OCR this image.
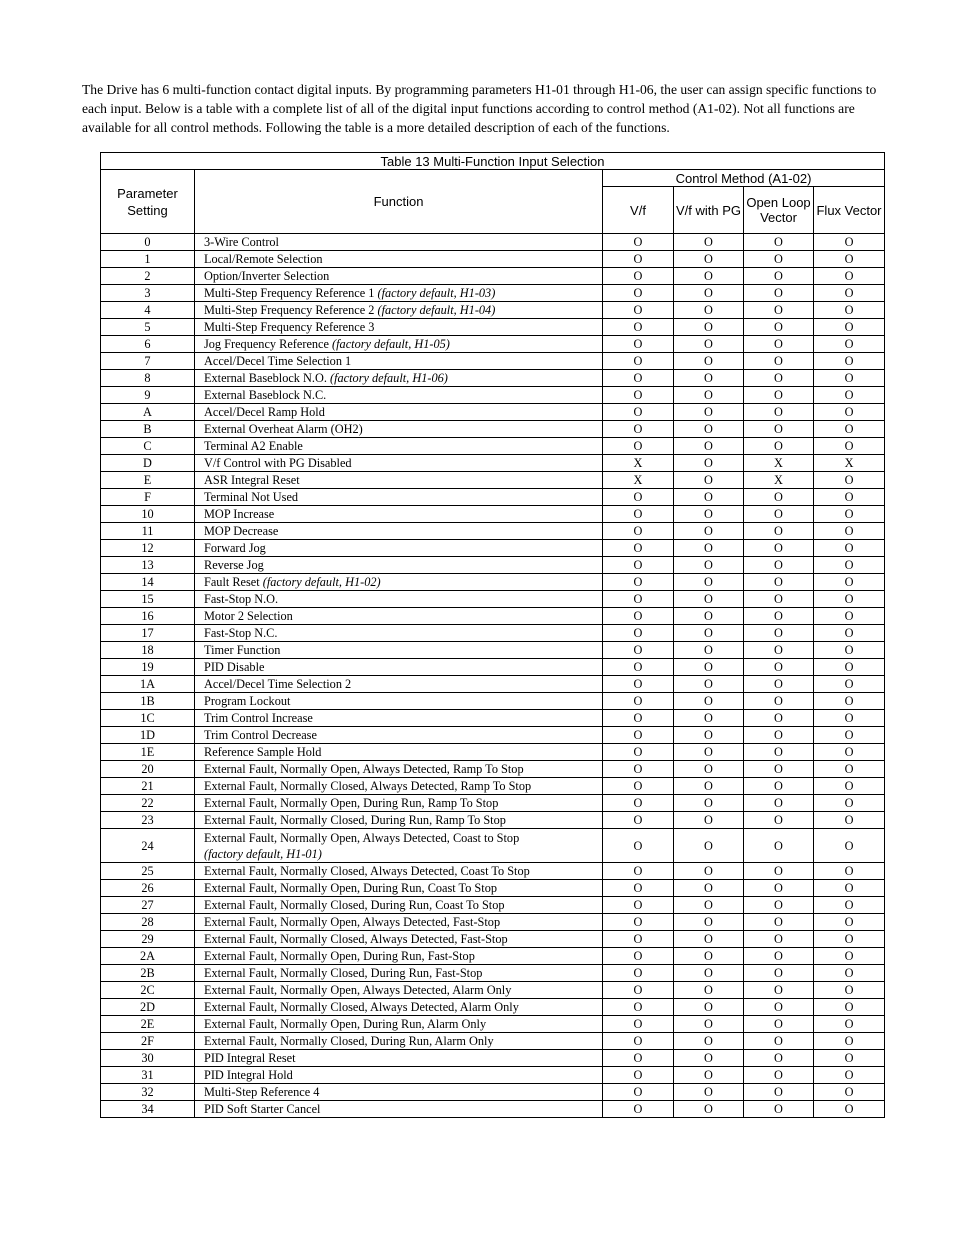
The Drive has 6 multi-function contact digital inputs. By programming parameters H1-01 through H1-06, the user can assign specific functions to each input. Below is a table with a complete list of all of the digital input functions according to control method (A1-02). Not all functions are available for all control methods. Following the table is a more detailed description of each of the functions.

Table 13 Multi-Function Input Selection					
Parameter Setting	Function	Control Method (A1-02)			
		V/f	V/f with PG	Open Loop Vector	Flux Vector
0	3-Wire Control	O	O	O	O
1	Local/Remote Selection	O	O	O	O
2	Option/Inverter Selection	O	O	O	O
3	Multi-Step Frequency Reference 1 (factory default, H1-03)	O	O	O	O
4	Multi-Step Frequency Reference 2 (factory default, H1-04)	O	O	O	O
5	Multi-Step Frequency Reference 3	O	O	O	O
6	Jog Frequency Reference (factory default, H1-05)	O	O	O	O
7	Accel/Decel Time Selection 1	O	O	O	O
8	External Baseblock N.O. (factory default, H1-06)	O	O	O	O
9	External Baseblock N.C.	O	O	O	O
A	Accel/Decel Ramp Hold	O	O	O	O
B	External Overheat Alarm (OH2)	O	O	O	O
C	Terminal A2 Enable	O	O	O	O
D	V/f Control with PG Disabled	X	O	X	X
E	ASR Integral Reset	X	O	X	O
F	Terminal Not Used	O	O	O	O
10	MOP Increase	O	O	O	O
11	MOP Decrease	O	O	O	O
12	Forward Jog	O	O	O	O
13	Reverse Jog	O	O	O	O
14	Fault Reset (factory default, H1-02)	O	O	O	O
15	Fast-Stop N.O.	O	O	O	O
16	Motor 2 Selection	O	O	O	O
17	Fast-Stop N.C.	O	O	O	O
18	Timer Function	O	O	O	O
19	PID Disable	O	O	O	O
1A	Accel/Decel Time Selection 2	O	O	O	O
1B	Program Lockout	O	O	O	O
1C	Trim Control Increase	O	O	O	O
1D	Trim Control Decrease	O	O	O	O
1E	Reference Sample Hold	O	O	O	O
20	External Fault, Normally Open, Always Detected, Ramp To Stop	O	O	O	O
21	External Fault, Normally Closed, Always Detected, Ramp To Stop	O	O	O	O
22	External Fault, Normally Open, During Run, Ramp To Stop	O	O	O	O
23	External Fault, Normally Closed, During Run, Ramp To Stop	O	O	O	O
24	External Fault, Normally Open, Always Detected, Coast to Stop
(factory default, H1-01)	O	O	O	O
25	External Fault, Normally Closed, Always Detected, Coast To Stop	O	O	O	O
26	External Fault, Normally Open, During Run, Coast To Stop	O	O	O	O
27	External Fault, Normally Closed, During Run, Coast To Stop	O	O	O	O
28	External Fault, Normally Open, Always Detected, Fast-Stop	O	O	O	O
29	External Fault, Normally Closed, Always Detected, Fast-Stop	O	O	O	O
2A	External Fault, Normally Open, During Run, Fast-Stop	O	O	O	O
2B	External Fault, Normally Closed, During Run, Fast-Stop	O	O	O	O
2C	External Fault, Normally Open, Always Detected, Alarm Only	O	O	O	O
2D	External Fault, Normally Closed, Always Detected, Alarm Only	O	O	O	O
2E	External Fault, Normally Open, During Run, Alarm Only	O	O	O	O
2F	External Fault, Normally Closed, During Run, Alarm Only	O	O	O	O
30	PID Integral Reset	O	O	O	O
31	PID Integral Hold	O	O	O	O
32	Multi-Step Reference 4	O	O	O	O
34	PID Soft Starter Cancel	O	O	O	O
